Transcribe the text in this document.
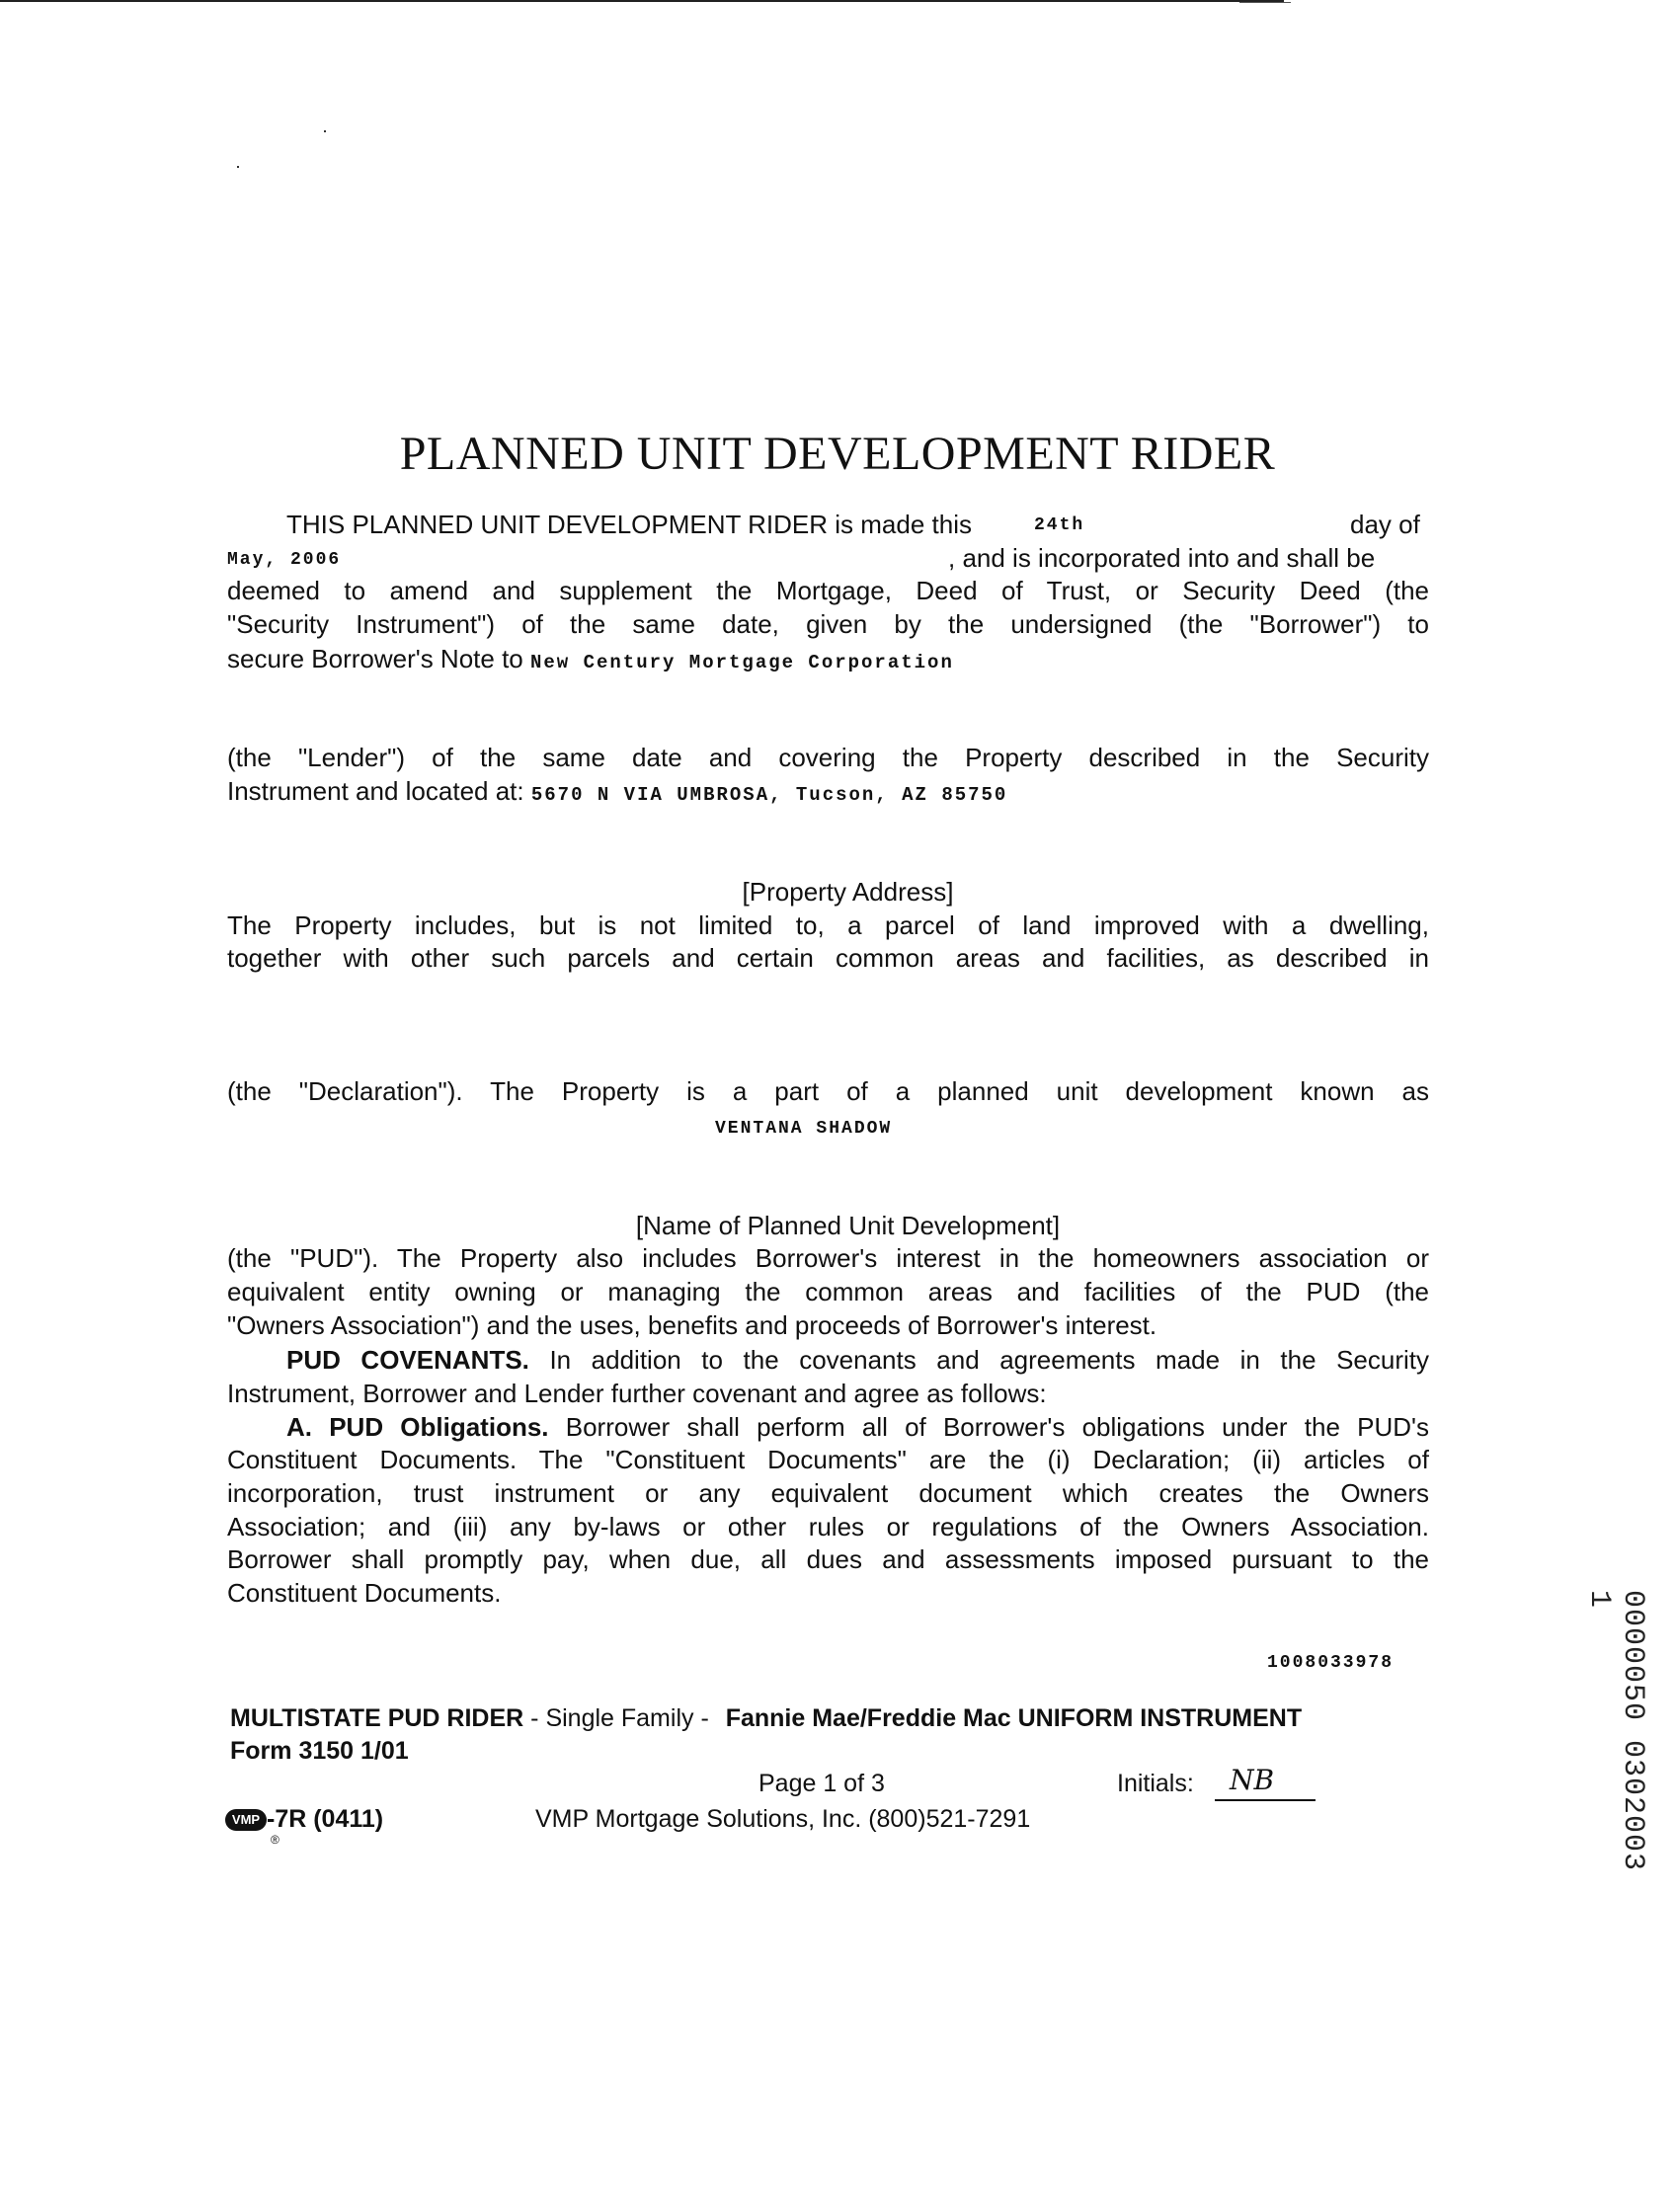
PLANNED UNIT DEVELOPMENT RIDER
THIS PLANNED UNIT DEVELOPMENT RIDER is made this	24th	day of
May, 2006	, and is incorporated into and shall be
deemed to amend and supplement the Mortgage, Deed of Trust, or Security Deed (the
"Security Instrument") of the same date, given by the undersigned (the "Borrower") to
secure Borrower's Note to New Century Mortgage Corporation
(the "Lender") of the same date and covering the Property described in the Security
Instrument and located at: 5670 N VIA UMBROSA, Tucson, AZ 85750
[Property Address]
The Property includes, but is not limited to, a parcel of land improved with a dwelling,
together with other such parcels and certain common areas and facilities, as described in
(the "Declaration"). The Property is a part of a planned unit development known as
VENTANA SHADOW
[Name of Planned Unit Development]
(the "PUD"). The Property also includes Borrower's interest in the homeowners association or
equivalent entity owning or managing the common areas and facilities of the PUD (the
"Owners Association") and the uses, benefits and proceeds of Borrower's interest.
PUD COVENANTS. In addition to the covenants and agreements made in the Security
Instrument, Borrower and Lender further covenant and agree as follows:
A. PUD Obligations. Borrower shall perform all of Borrower's obligations under the PUD's
Constituent Documents. The "Constituent Documents" are the (i) Declaration; (ii) articles of
incorporation, trust instrument or any equivalent document which creates the Owners
Association; and (iii) any by-laws or other rules or regulations of the Owners Association.
Borrower shall promptly pay, when due, all dues and assessments imposed pursuant to the
Constituent Documents.
1008033978
MULTISTATE PUD RIDER - Single Family - Fannie Mae/Freddie Mac UNIFORM INSTRUMENT
Form 3150 1/01
Page 1 of 3	Initials: NB
VMP -7R (0411)
®
VMP Mortgage Solutions, Inc. (800)521-7291	0000050 0302003 1
